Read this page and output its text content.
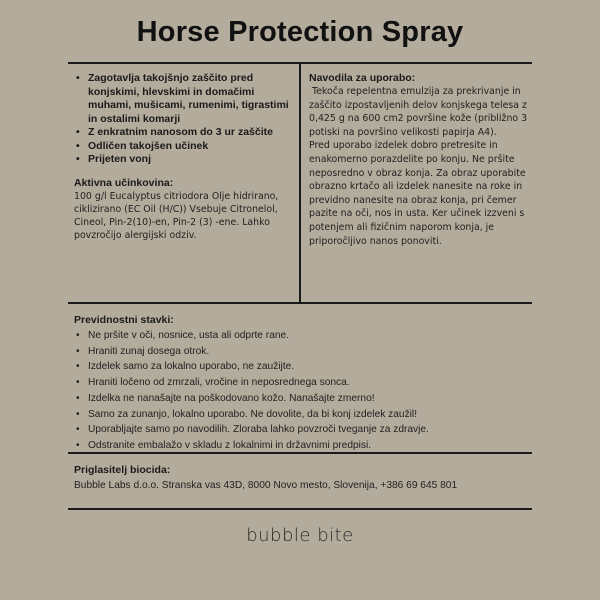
Horse Protection Spray
• Zagotavlja takojšnjo zaščito pred konjskimi, hlevskimi in domačimi muhami, mušicami, rumenimi, tigrastimi in ostalimi komarji
• Z enkratnim nanosom do 3 ur zaščite
• Odličen takojšen učinek
• Prijeten vonj
Aktivna učinkovina:
100 g/l Eucalyptus citriodora Olje hidrirano, ciklizirano (EC Oil (H/C)) Vsebuje Citronelol, Cineol, Pin-2(10)-en, Pin-2 (3) -ene. Lahko povzročijo alergijski odziv.
Navodila za uporabo:
Tekoča repelentna emulzija za prekrivanje in zaščito izpostavljenih delov konjskega telesa z 0,425 g na 600 cm2 površine kože (približno 3 potiski na površino velikosti papirja A4).
Pred uporabo izdelek dobro pretresite in enakomerno porazdelite po konju. Ne pršite neposredno v obraz konja. Za obraz uporabite obrazno krtačo ali izdelek nanesite na roke in previdno nanesite na obraz konja, pri čemer pazite na oči, nos in usta. Ker učinek izzveni s potenjem ali fizičnim naporom konja, je priporočljivo nanos ponoviti.
Previdnostni stavki:
• Ne pršite v oči, nosnice, usta ali odprte rane.
• Hraniti zunaj dosega otrok.
• Izdelek samo za lokalno uporabo, ne zaužijte.
• Hraniti ločeno od zmrzali, vročine in neposrednega sonca.
• Izdelka ne nanašajte na poškodovano kožo. Nanašajte zmerno!
• Samo za zunanjo, lokalno uporabo. Ne dovolite, da bi konj izdelek zaužil!
• Uporabljajte samo po navodilih. Zloraba lahko povzroči tveganje za zdravje.
• Odstranite embalažo v skladu z lokalnimi in državnimi predpisi.
Priglasitelj biocida:
Bubble Labs d.o.o. Stranska vas 43D, 8000 Novo mesto, Slovenija, +386 69 645 801
bubble bite
